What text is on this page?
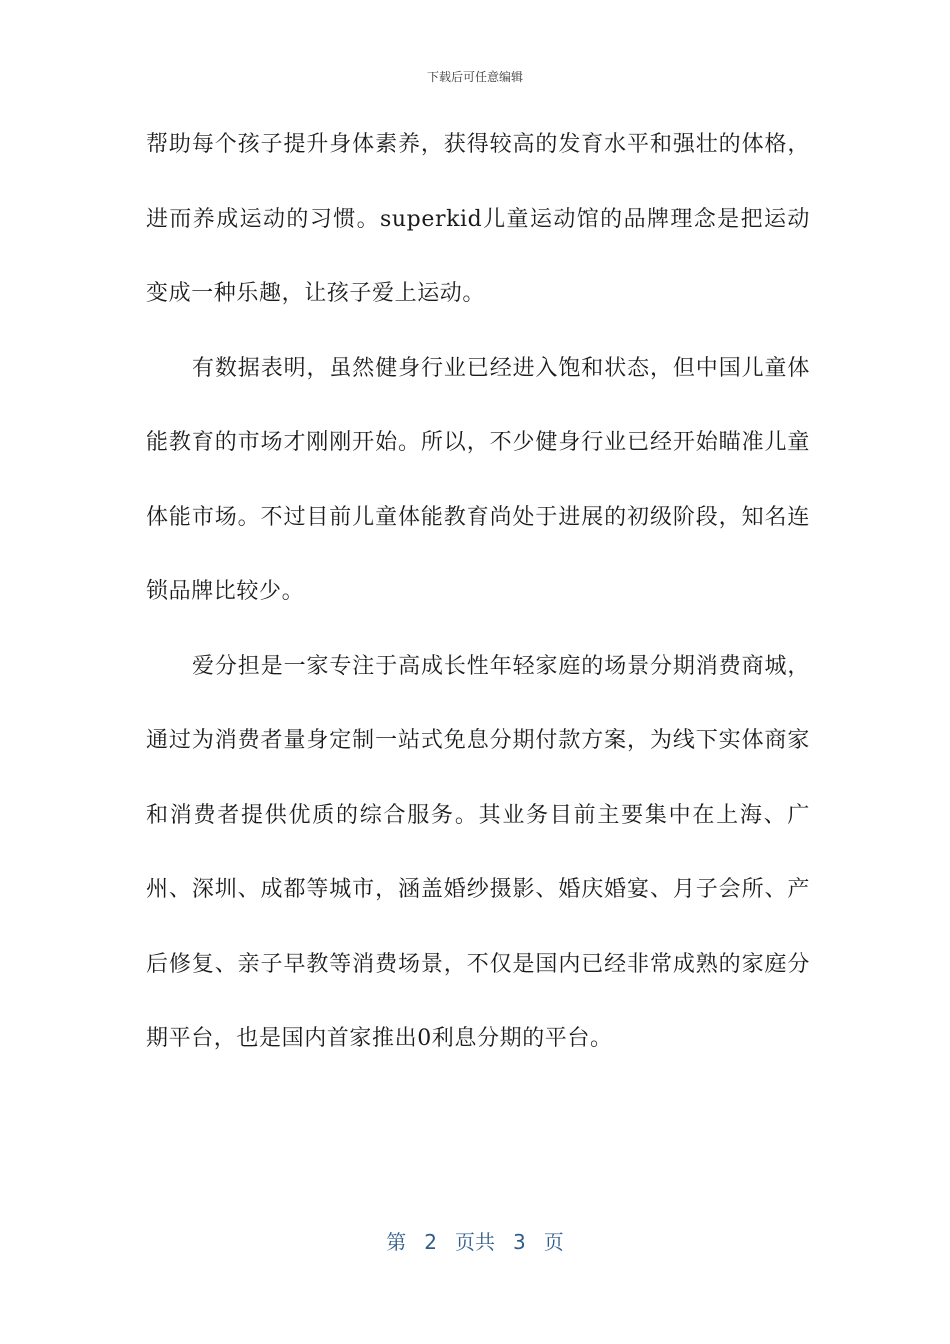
下载后可任意编辑

帮助每个孩子提升身体素养，获得较高的发育水平和强壮的体格，进而养成运动的习惯。superkid儿童运动馆的品牌理念是把运动变成一种乐趣，让孩子爱上运动。

有数据表明，虽然健身行业已经进入饱和状态，但中国儿童体能教育的市场才刚刚开始。所以，不少健身行业已经开始瞄准儿童体能市场。不过目前儿童体能教育尚处于进展的初级阶段，知名连锁品牌比较少。

爱分担是一家专注于高成长性年轻家庭的场景分期消费商城，通过为消费者量身定制一站式免息分期付款方案，为线下实体商家和消费者提供优质的综合服务。其业务目前主要集中在上海、广州、深圳、成都等城市，涵盖婚纱摄影、婚庆婚宴、月子会所、产后修复、亲子早教等消费场景，不仅是国内已经非常成熟的家庭分期平台，也是国内首家推出0利息分期的平台。

第 2 页共 3 页
